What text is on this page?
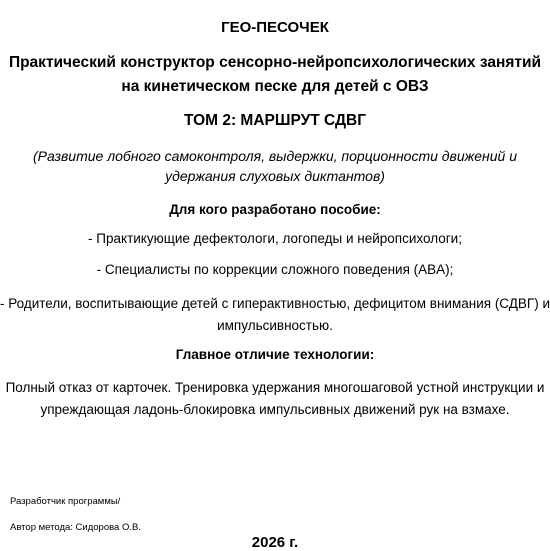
ГЕО-ПЕСОЧЕК

Практический конструктор сенсорно-нейропсихологических занятий на кинетическом песке для детей с ОВЗ

ТОМ 2: МАРШРУТ СДВГ

(Развитие лобного самоконтроля, выдержки, порционности движений и удержания слуховых диктантов)

Для кого разработано пособие:

- Практикующие дефектологи, логопеды и нейропсихологи;

- Специалисты по коррекции сложного поведения (ABA);

- Родители, воспитывающие детей с гиперактивностью, дефицитом внимания (СДВГ) и импульсивностью.

Главное отличие технологии:

Полный отказ от карточек. Тренировка удержания многошаговой устной инструкции и упреждающая ладонь-блокировка импульсивных движений рук на взмахе.

Разработчик программы/

Автор метода: Сидорова О.В.

2026 г.
